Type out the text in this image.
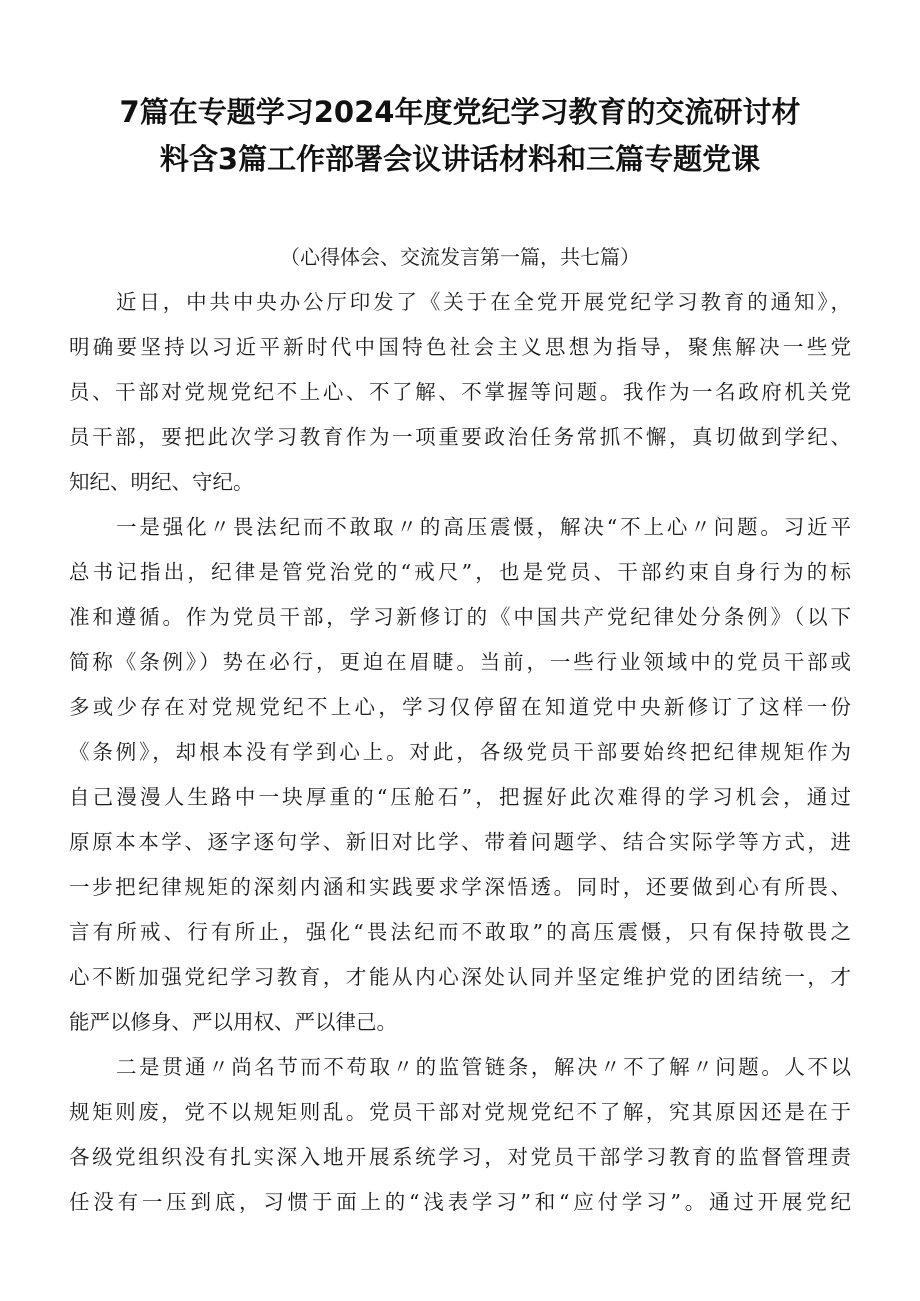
7篇在专题学习2024年度党纪学习教育的交流研讨材
料含3篇工作部署会议讲话材料和三篇专题党课
（心得体会、交流发言第一篇，共七篇）
近日，中共中央办公厅印发了《关于在全党开展党纪学习教育的通知》，
明确要坚持以习近平新时代中国特色社会主义思想为指导，聚焦解决一些党
员、干部对党规党纪不上心、不了解、不掌握等问题。我作为一名政府机关党
员干部，要把此次学习教育作为一项重要政治任务常抓不懈，真切做到学纪、
知纪、明纪、守纪。
一是强化〃畏法纪而不敢取〃的高压震慑，解决“不上心〃问题。习近平
总书记指出，纪律是管党治党的“戒尺”，也是党员、干部约束自身行为的标
准和遵循。作为党员干部，学习新修订的《中国共产党纪律处分条例》（以下
简称《条例》）势在必行，更迫在眉睫。当前，一些行业领域中的党员干部或
多或少存在对党规党纪不上心，学习仅停留在知道党中央新修订了这样一份
《条例》，却根本没有学到心上。对此，各级党员干部要始终把纪律规矩作为
自己漫漫人生路中一块厚重的“压舱石”，把握好此次难得的学习机会，通过
原原本本学、逐字逐句学、新旧对比学、带着问题学、结合实际学等方式，进
一步把纪律规矩的深刻内涵和实践要求学深悟透。同时，还要做到心有所畏、
言有所戒、行有所止，强化“畏法纪而不敢取”的高压震慑，只有保持敬畏之
心不断加强党纪学习教育，才能从内心深处认同并坚定维护党的团结统一，才
能严以修身、严以用权、严以律己。
二是贯通〃尚名节而不苟取〃的监管链条，解决〃不了解〃问题。人不以
规矩则废，党不以规矩则乱。党员干部对党规党纪不了解，究其原因还是在于
各级党组织没有扎实深入地开展系统学习，对党员干部学习教育的监督管理责
任没有一压到底，习惯于面上的“浅表学习”和“应付学习”。通过开展党纪
